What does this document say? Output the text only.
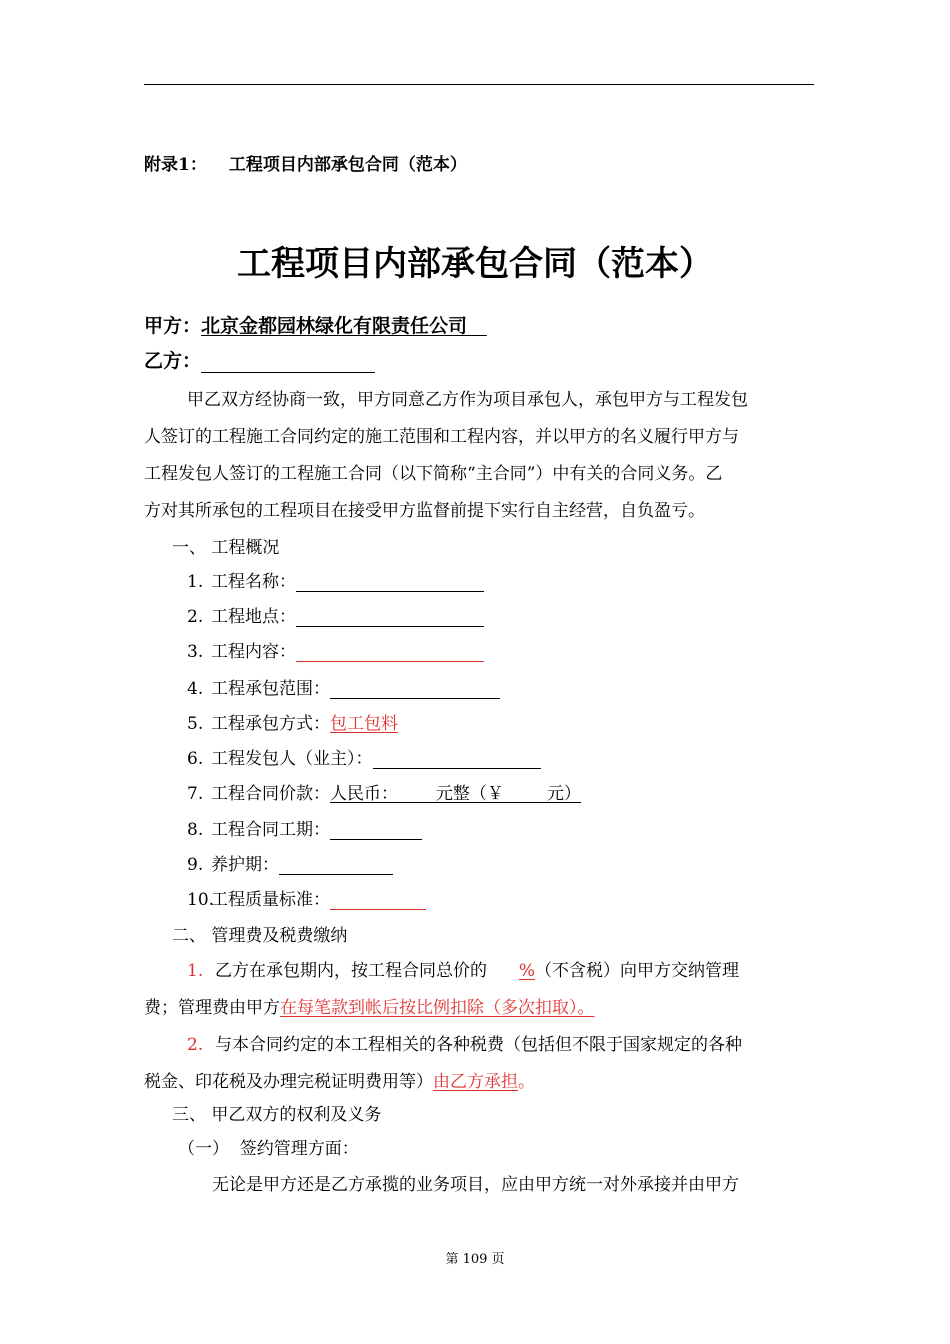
附录1： 工程项目内部承包合同（范本）
工程项目内部承包合同（范本）
甲方：北京金都园林绿化有限责任公司
乙方：
甲乙双方经协商一致，甲方同意乙方作为项目承包人，承包甲方与工程发包
人签订的工程施工合同约定的施工范围和工程内容，并以甲方的名义履行甲方与
工程发包人签订的工程施工合同（以下简称“主合同”）中有关的合同义务。乙
方对其所承包的工程项目在接受甲方监督前提下实行自主经营，自负盈亏。
一、 工程概况
1. 工程名称：
2. 工程地点：
3. 工程内容：
4. 工程承包范围：
5. 工程承包方式：包工包料
6. 工程发包人（业主）：
7. 工程合同价款：人民币：       元整（￥        元）
8. 工程合同工期：
9. 养护期：
10.工程质量标准：
二、 管理费及税费缴纳
1. 乙方在承包期内，按工程合同总价的 %（不含税）向甲方交纳管理
费；管理费由甲方在每笔款到帐后按比例扣除（多次扣取）。
2. 与本合同约定的本工程相关的各种税费（包括但不限于国家规定的各种
税金、印花税及办理完税证明费用等）由乙方承担。
三、 甲乙双方的权利及义务
（一）  签约管理方面：
无论是甲方还是乙方承揽的业务项目，应由甲方统一对外承接并由甲方
第 109 页
